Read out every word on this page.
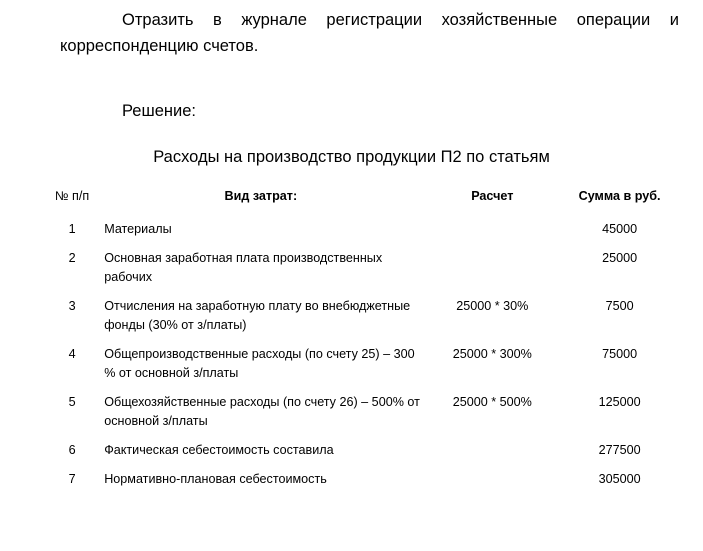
Отразить в журнале регистрации хозяйственные операции и корреспонденцию счетов.

Решение:

Расходы на производство продукции П2 по статьям

№ п/п	Вид затрат:	Расчет	Сумма в руб.
1	Материалы		45000
2	Основная заработная плата производственных рабочих		25000
3	Отчисления на заработную плату во внебюджетные фонды (30% от з/платы)	25000 * 30%	7500
4	Общепроизводственные расходы (по счету 25) – 300 % от основной з/платы	25000 * 300%	75000
5	Общехозяйственные расходы (по счету 26) – 500% от основной з/платы	25000 * 500%	125000
6	Фактическая себестоимость составила		277500
7	Нормативно-плановая себестоимость		305000
